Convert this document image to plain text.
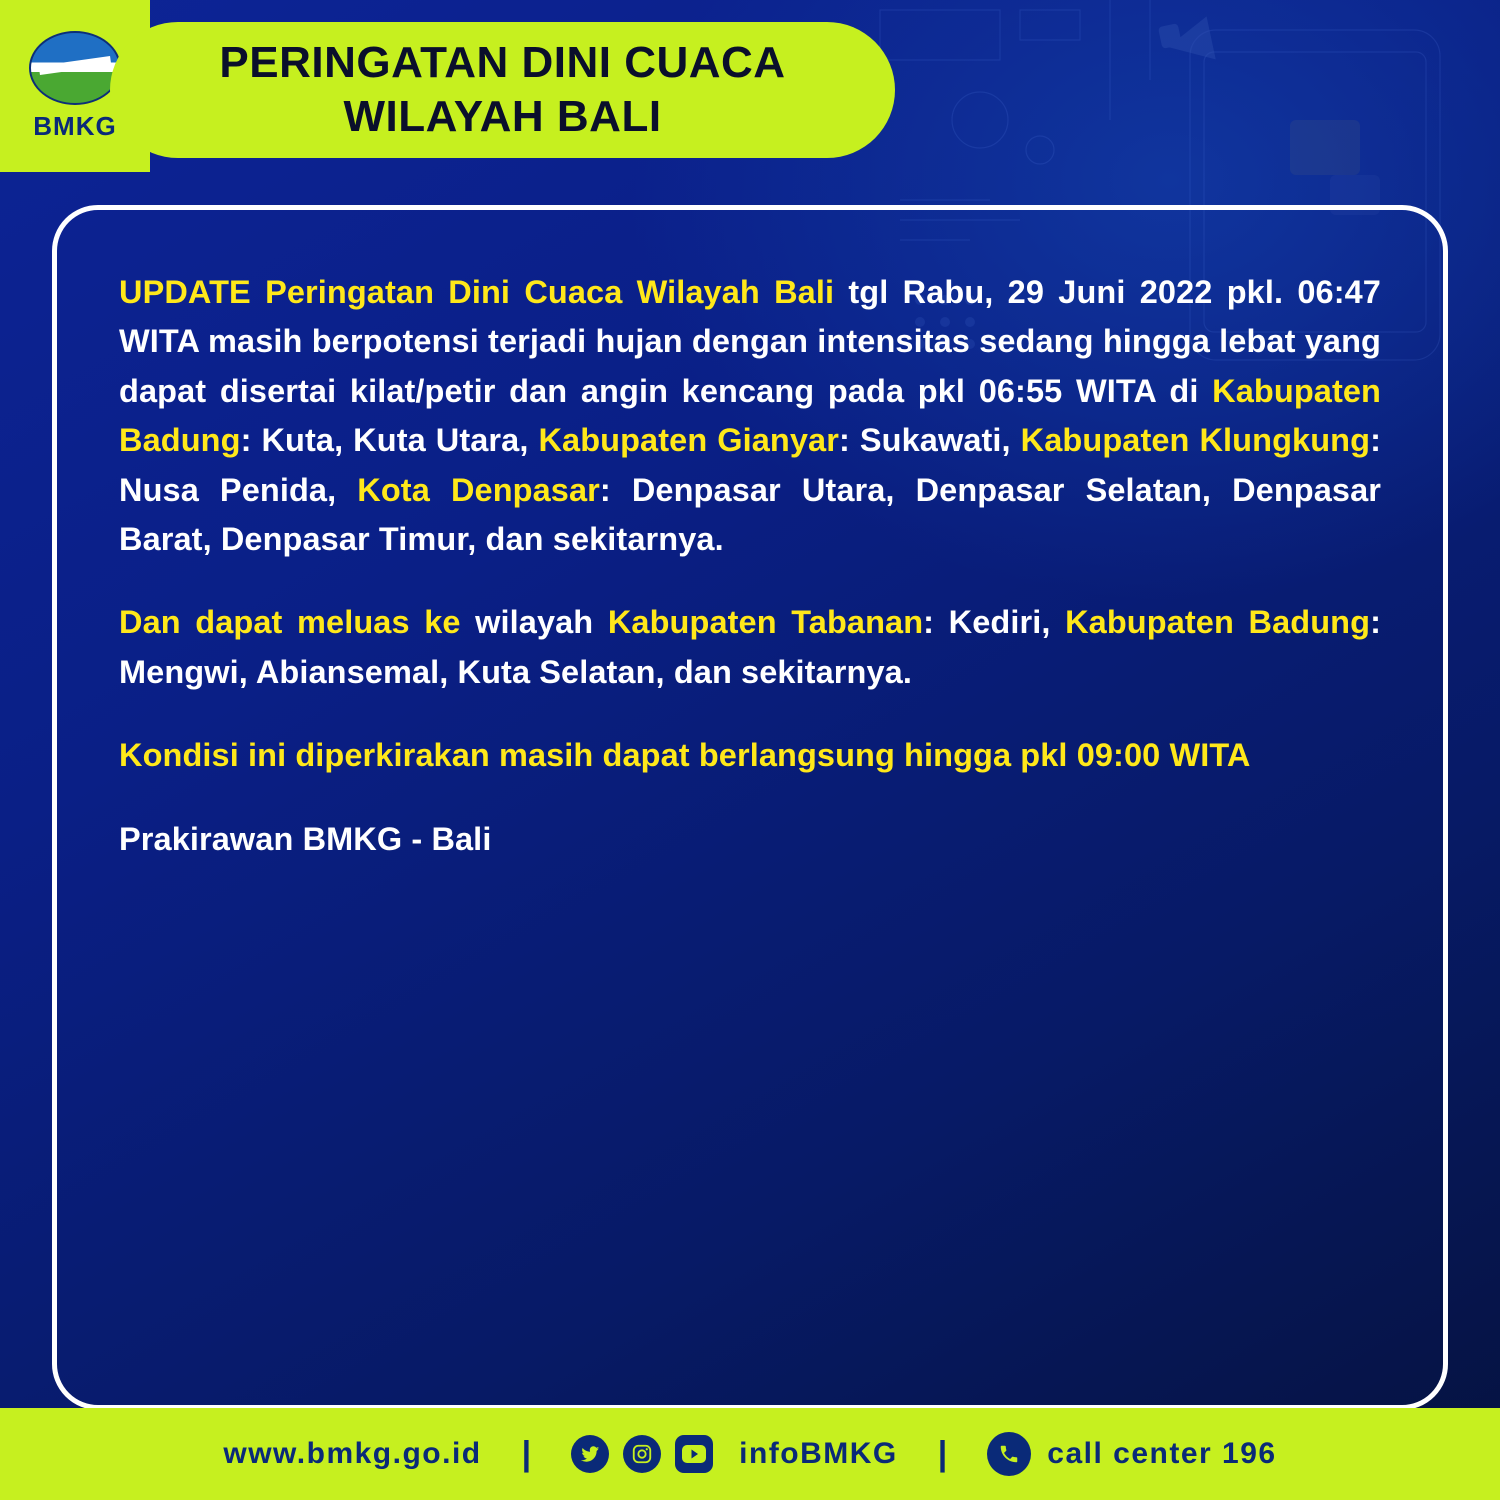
BMKG
PERINGATAN DINI CUACA
WILAYAH BALI

UPDATE Peringatan Dini Cuaca Wilayah Bali tgl Rabu, 29 Juni 2022 pkl. 06:47 WITA masih berpotensi terjadi hujan dengan intensitas sedang hingga lebat yang dapat disertai kilat/petir dan angin kencang pada pkl 06:55 WITA di Kabupaten Badung: Kuta, Kuta Utara, Kabupaten Gianyar: Sukawati, Kabupaten Klungkung: Nusa Penida, Kota Denpasar: Denpasar Utara, Denpasar Selatan, Denpasar Barat, Denpasar Timur, dan sekitarnya.

Dan dapat meluas ke wilayah Kabupaten Tabanan: Kediri, Kabupaten Badung: Mengwi, Abiansemal, Kuta Selatan, dan sekitarnya.

Kondisi ini diperkirakan masih dapat berlangsung hingga pkl 09:00 WITA

Prakirawan BMKG - Bali

www.bmkg.go.id |	infoBMKG |	call center 196
